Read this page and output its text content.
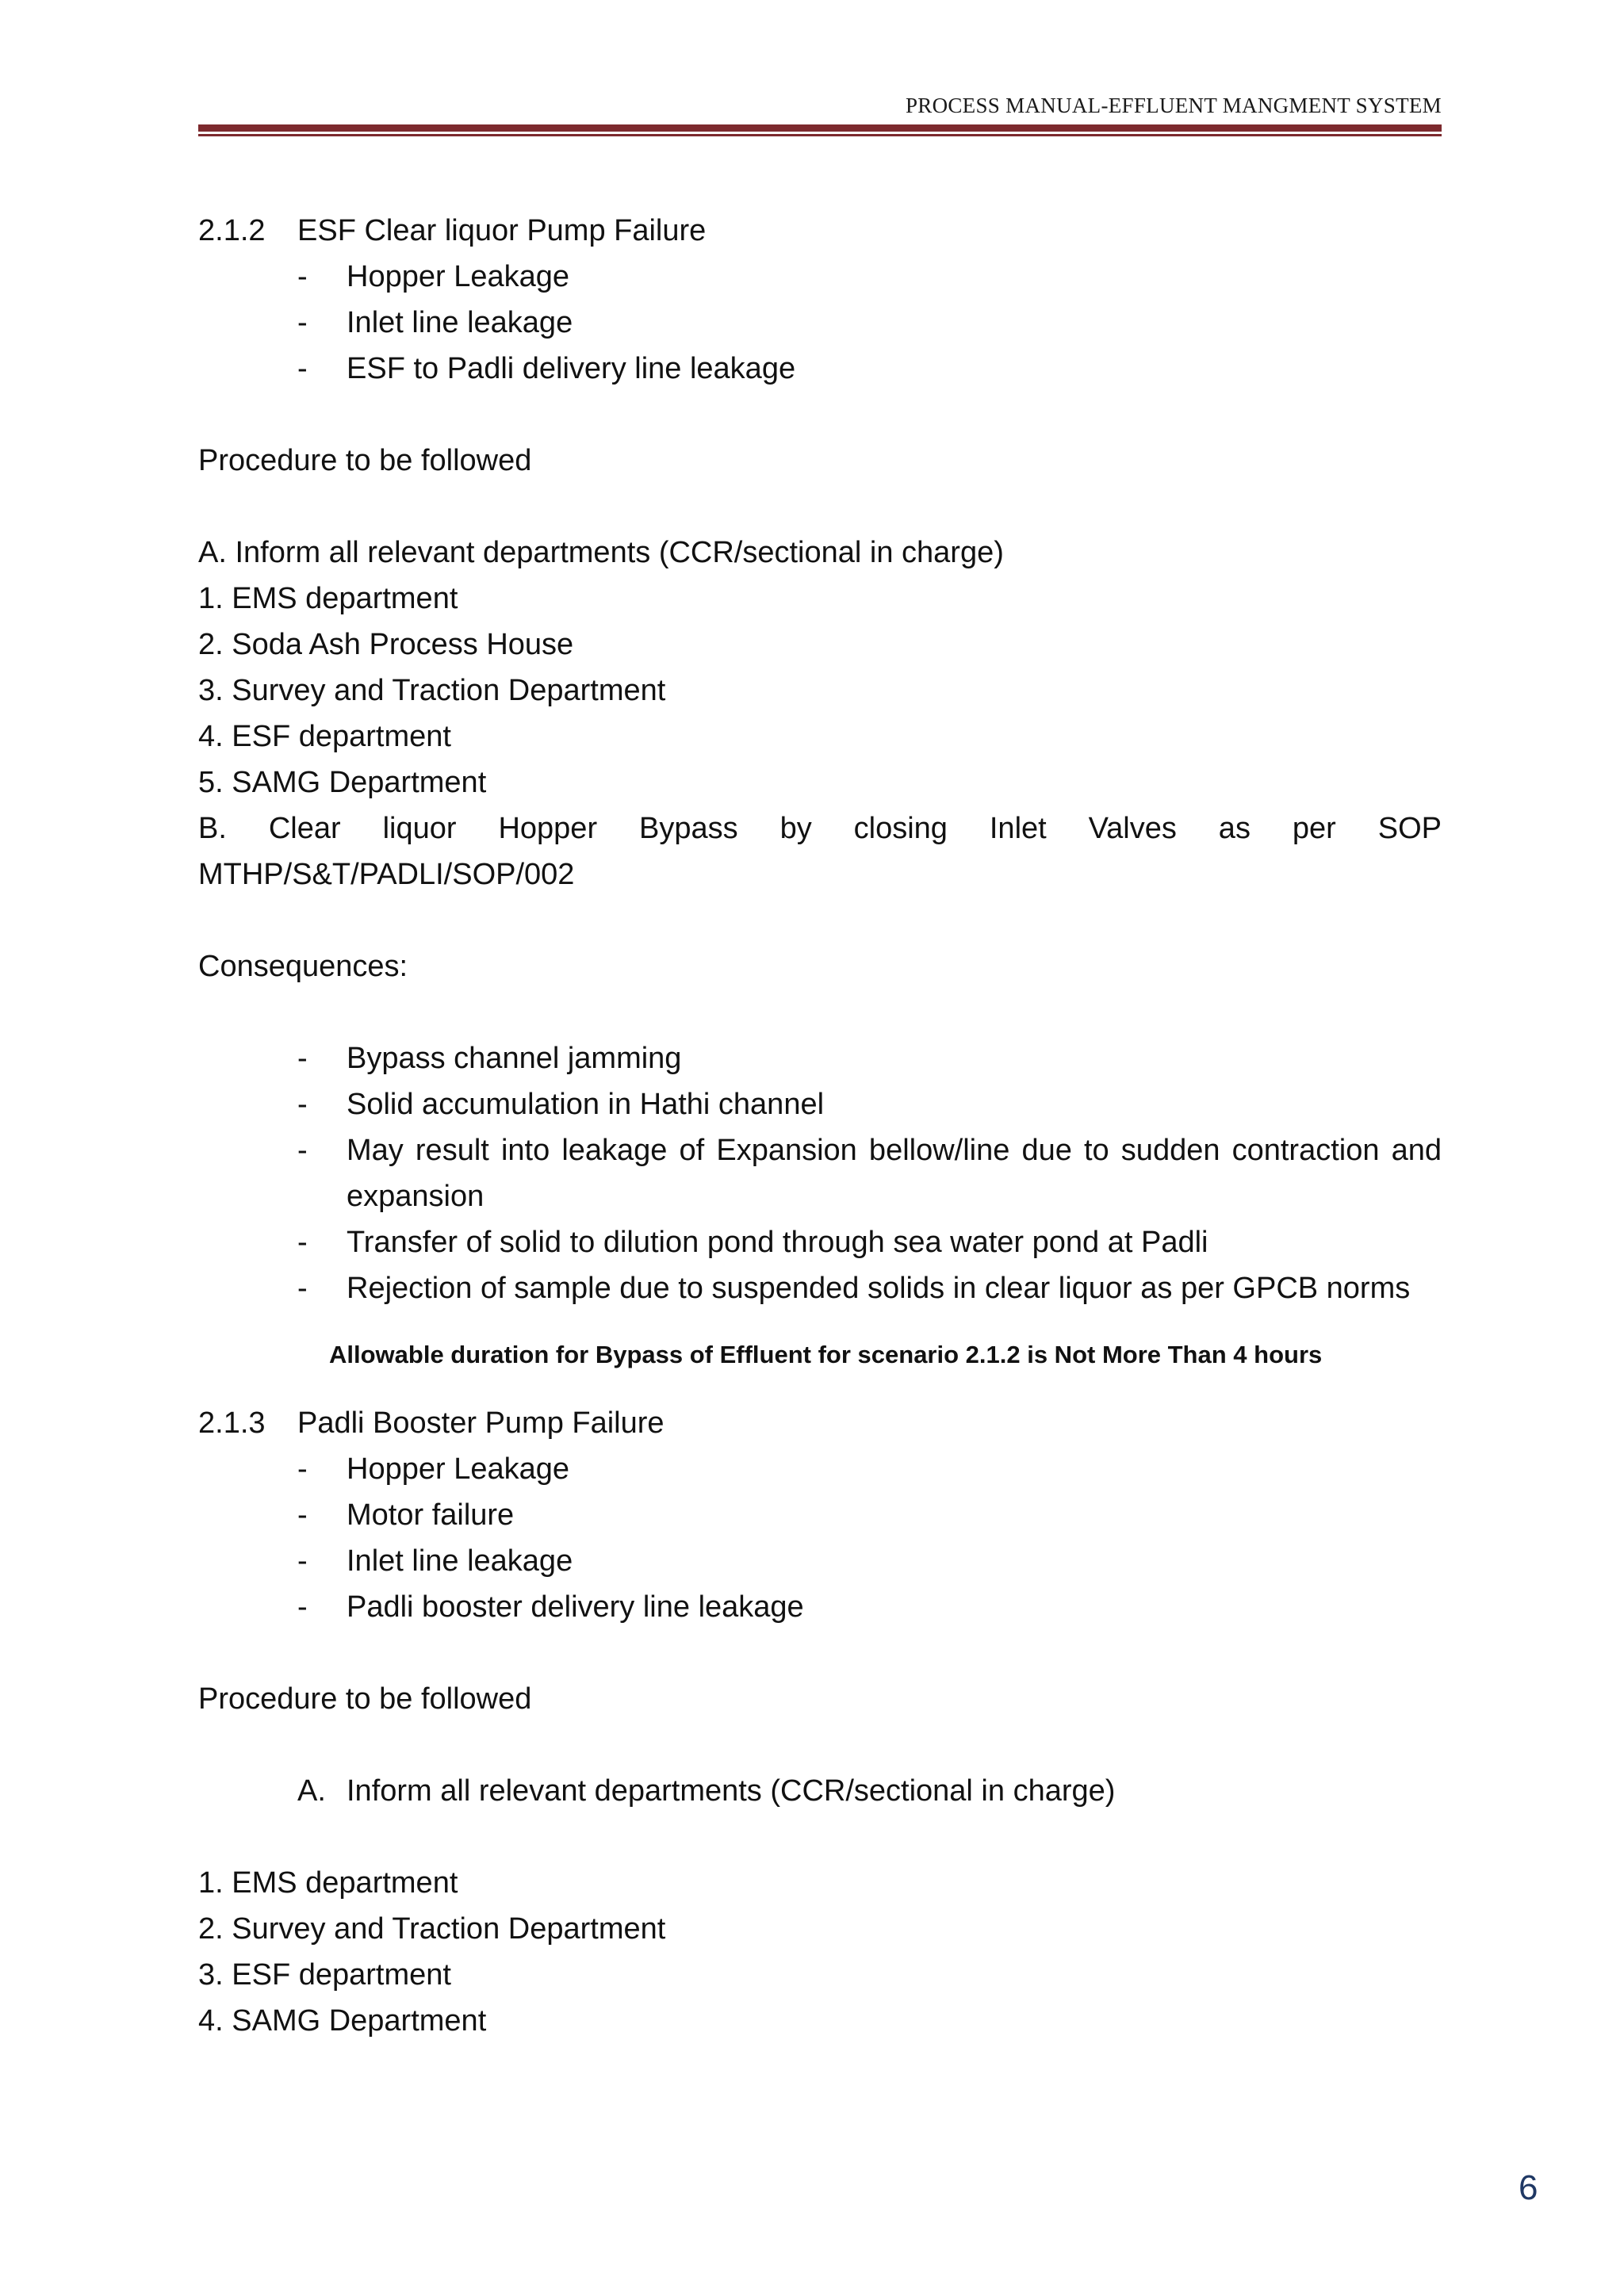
PROCESS MANUAL-EFFLUENT MANGMENT SYSTEM
2.1.2	ESF Clear liquor Pump Failure
-	Hopper Leakage
-	Inlet line leakage
-	ESF to Padli delivery line leakage

Procedure to be followed

A. Inform all relevant departments (CCR/sectional in charge)

1. EMS department

2. Soda Ash Process House

3. Survey and Traction Department

4. ESF department

5. SAMG Department

B. Clear liquor Hopper Bypass by closing Inlet Valves as per SOP

MTHP/S&T/PADLI/SOP/002

Consequences:

-	Bypass channel jamming
-	Solid accumulation in Hathi channel
-	May result into leakage of Expansion bellow/line due to sudden contraction and expansion
-	Transfer of solid to dilution pond through sea water pond at Padli
-	Rejection of sample due to suspended solids in clear liquor as per GPCB norms

Allowable duration for Bypass of Effluent for scenario 2.1.2 is Not More Than 4 hours

2.1.3	Padli Booster Pump Failure
-	Hopper Leakage
-	Motor failure
-	Inlet line leakage
-	Padli booster delivery line leakage

Procedure to be followed

A. Inform all relevant departments (CCR/sectional in charge)

1. EMS department

2. Survey and Traction Department

3. ESF department

4. SAMG Department

6
